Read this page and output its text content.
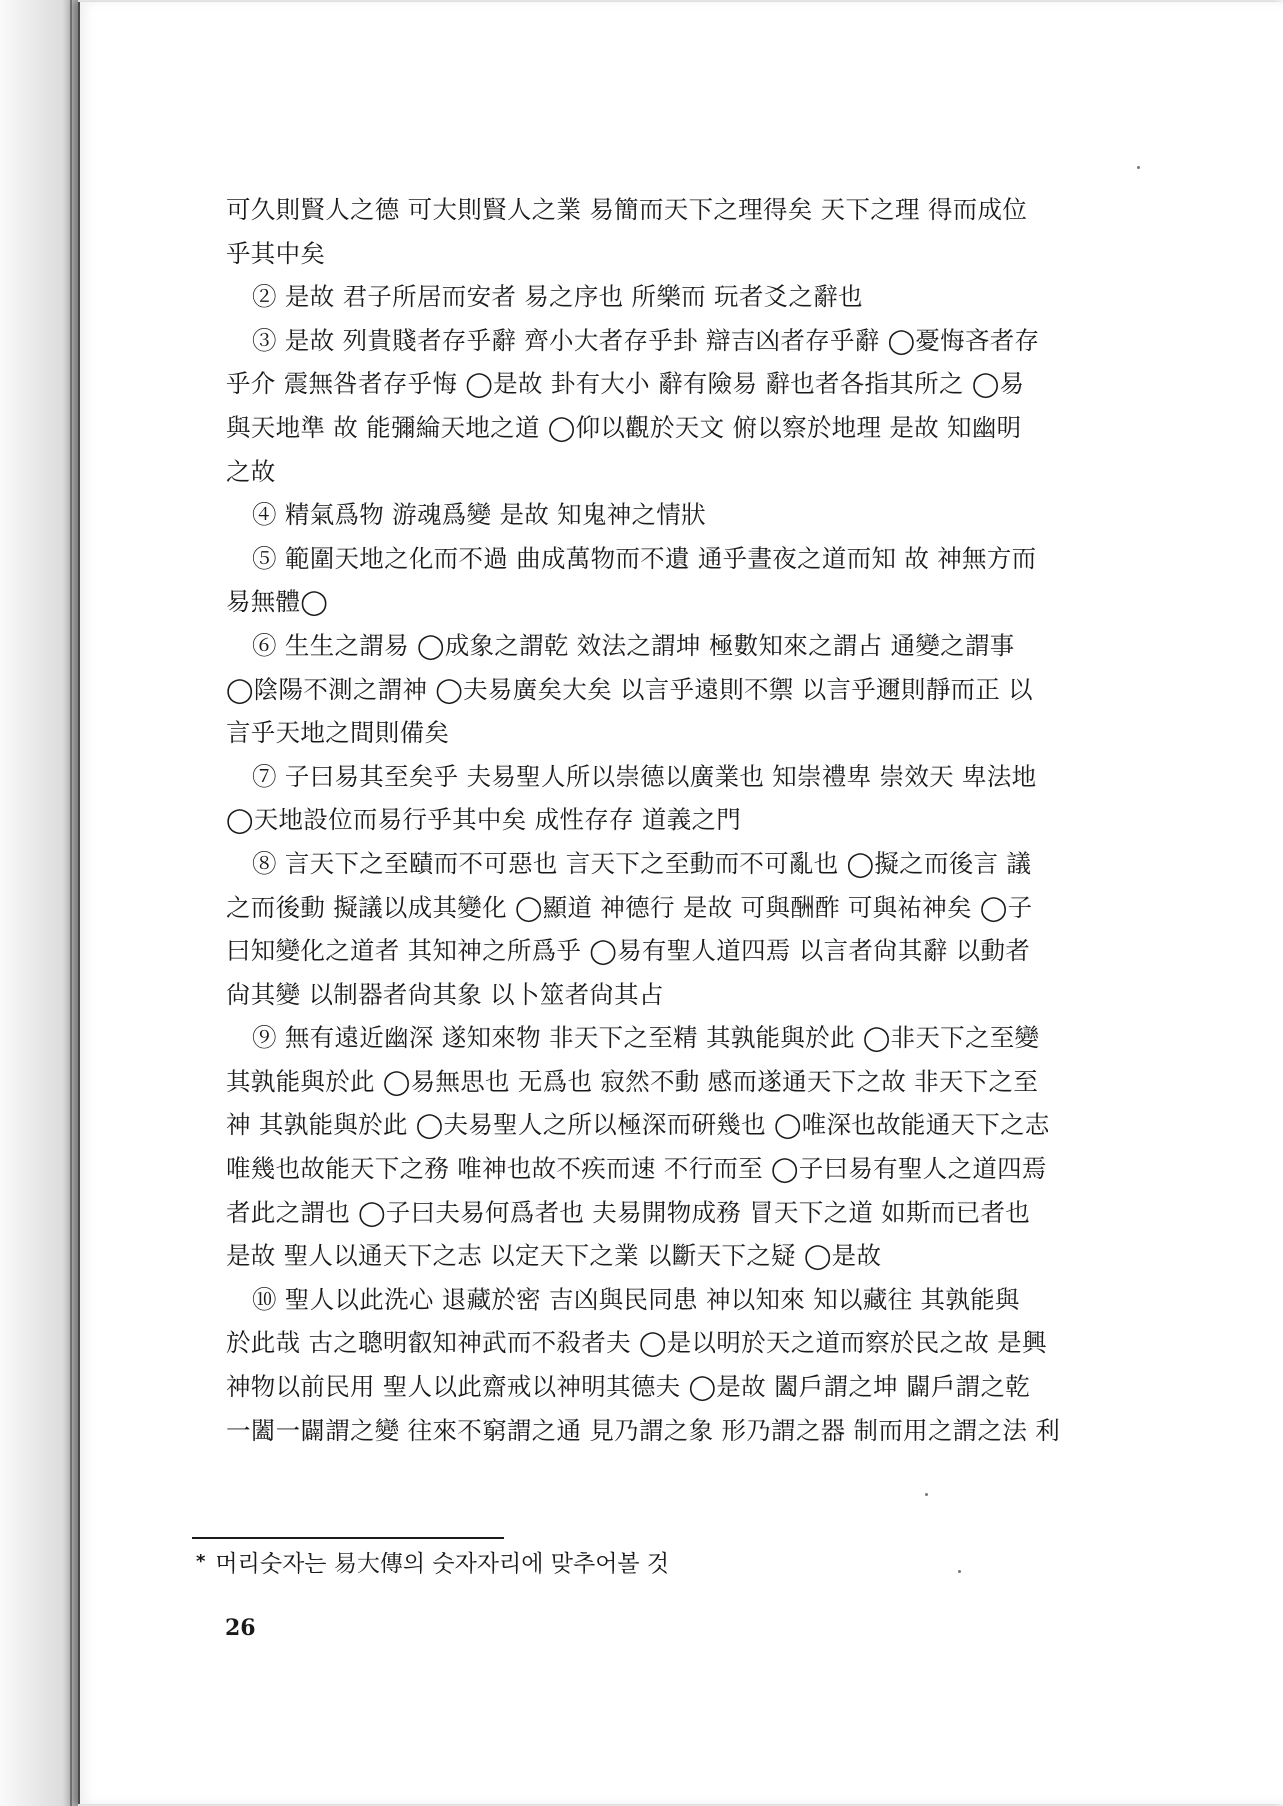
可久則賢人之德 可大則賢人之業 易簡而天下之理得矣 天下之理 得而成位
乎其中矣
② 是故 君子所居而安者 易之序也 所樂而 玩者爻之辭也
③ 是故 列貴賤者存乎辭 齊小大者存乎卦 辯吉凶者存乎辭 ◯憂悔吝者存
乎介 震無咎者存乎悔 ◯是故 卦有大小 辭有險易 辭也者各指其所之 ◯易
與天地準 故 能彌綸天地之道 ◯仰以觀於天文 俯以察於地理 是故 知幽明
之故
④ 精氣爲物 游魂爲變 是故 知鬼神之情狀
⑤ 範圍天地之化而不過 曲成萬物而不遺 通乎晝夜之道而知 故 神無方而
易無體◯
⑥ 生生之謂易 ◯成象之謂乾 效法之謂坤 極數知來之謂占 通變之謂事
◯陰陽不測之謂神 ◯夫易廣矣大矣 以言乎遠則不禦 以言乎邇則靜而正 以
言乎天地之間則備矣
⑦ 子曰易其至矣乎 夫易聖人所以崇德以廣業也 知崇禮卑 崇效天 卑法地
◯天地設位而易行乎其中矣 成性存存 道義之門
⑧ 言天下之至賾而不可惡也 言天下之至動而不可亂也 ◯擬之而後言 議
之而後動 擬議以成其變化 ◯顯道 神德行 是故 可與酬酢 可與祐神矣 ◯子
曰知變化之道者 其知神之所爲乎 ◯易有聖人道四焉 以言者尙其辭 以動者
尙其變 以制器者尙其象 以卜筮者尙其占
⑨ 無有遠近幽深 遂知來物 非天下之至精 其孰能與於此 ◯非天下之至變
其孰能與於此 ◯易無思也 无爲也 寂然不動 感而遂通天下之故 非天下之至
神 其孰能與於此 ◯夫易聖人之所以極深而硏幾也 ◯唯深也故能通天下之志
唯幾也故能天下之務 唯神也故不疾而速 不行而至 ◯子曰易有聖人之道四焉
者此之謂也 ◯子曰夫易何爲者也 夫易開物成務 冒天下之道 如斯而已者也
是故 聖人以通天下之志 以定天下之業 以斷天下之疑 ◯是故
⑩ 聖人以此洗心 退藏於密 吉凶與民同患 神以知來 知以藏往 其孰能與
於此哉 古之聰明叡知神武而不殺者夫 ◯是以明於天之道而察於民之故 是興
神物以前民用 聖人以此齋戒以神明其德夫 ◯是故 闔戶謂之坤 闢戶謂之乾
一闔一闢謂之變 往來不窮謂之通 見乃謂之象 形乃謂之器 制而用之謂之法 利
* 머리숫자는 易大傳의 숫자자리에 맞추어볼 것
26
